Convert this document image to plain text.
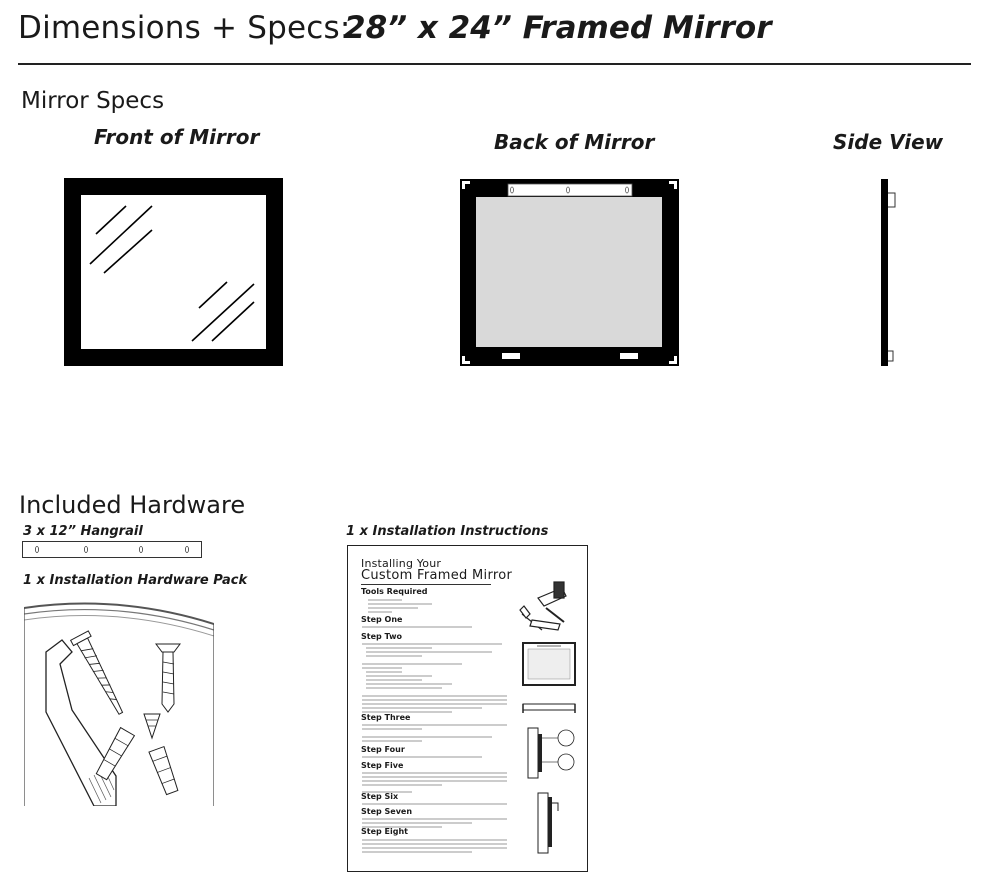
Dimensions + Specs:
28” x 24” Framed Mirror
Mirror Specs
Front of Mirror	Back of Mirror	Side View
Included Hardware
3 x 12” Hangrail
1 x Installation Hardware Pack
1 x Installation Instructions
Installing Your
Custom Framed Mirror
Tools Required
Step One
Step Two
Step Three
Step Four
Step Five
Step Six
Step Seven
Step Eight
